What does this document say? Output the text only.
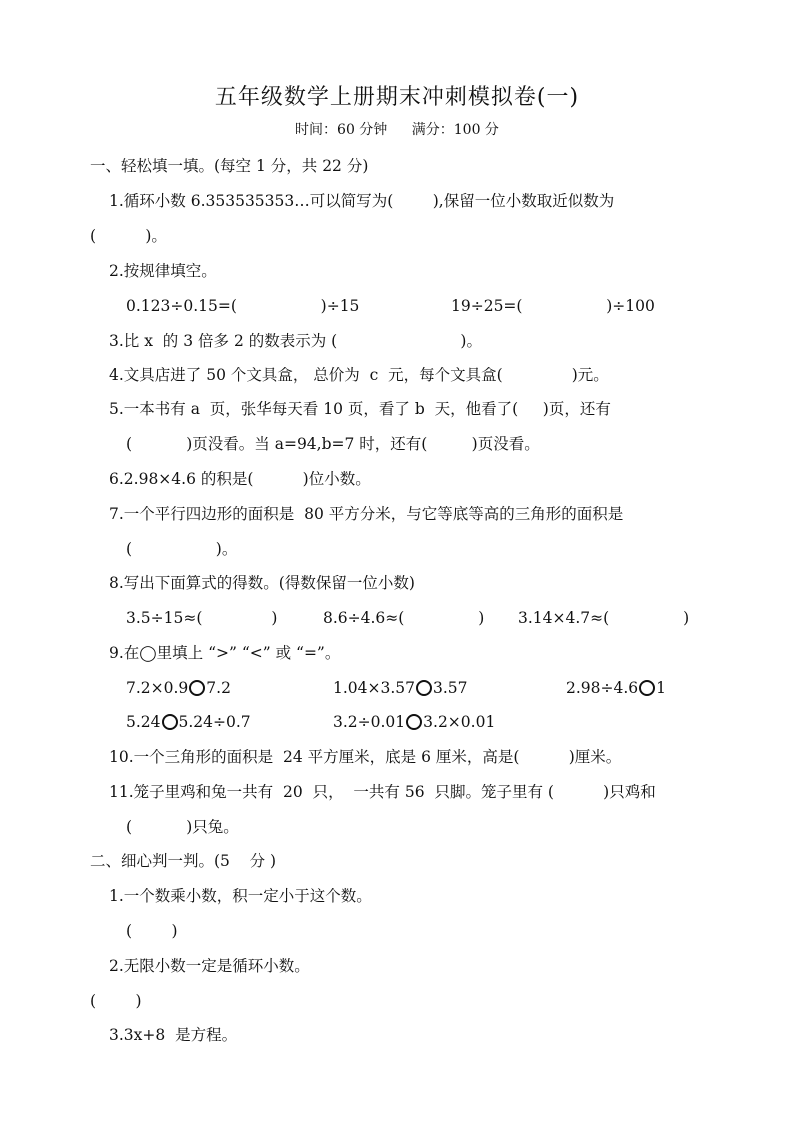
五年级数学上册期末冲刺模拟卷(一)
时间：60 分钟 满分：100 分
一、轻松填一填。(每空 1 分，共 22 分)
1.循环小数 6.353535353…可以简写为(        ),保留一位小数取近似数为
(          )。
2.按规律填空。
0.123÷0.15=(                 )÷15	19÷25=(                 )÷100
3.比 x  的 3 倍多 2 的数表示为 (                         )。
4.文具店进了 50 个文具盒， 总价为  c  元，每个文具盒(              )元。
5.一本书有 a  页，张华每天看 10 页，看了 b  天，他看了(     )页，还有
(           )页没看。当 a=94,b=7 时，还有(         )页没看。
6.2.98×4.6 的积是(          )位小数。
7.一个平行四边形的面积是  80 平方分米，与它等底等高的三角形的面积是
(                 )。
8.写出下面算式的得数。(得数保留一位小数)
3.5÷15≈(              )	8.6÷4.6≈(               ) 3.14×4.7≈(               )
9.在◯里填上 “>” “<” 或 “=”。
7.2×0.9 7.2	1.04×3.57 3.57	2.98÷4.6 1
5.24 5.24÷0.7	3.2÷0.01 3.2×0.01
10.一个三角形的面积是  24 平方厘米，底是 6 厘米，高是(          )厘米。
11.笼子里鸡和兔一共有  20  只，  一共有 56  只脚。笼子里有 (          )只鸡和
(           )只兔。
二、细心判一判。(5    分 )
1.一个数乘小数，积一定小于这个数。
(        )
2.无限小数一定是循环小数。
(        )
3.3x+8  是方程。
